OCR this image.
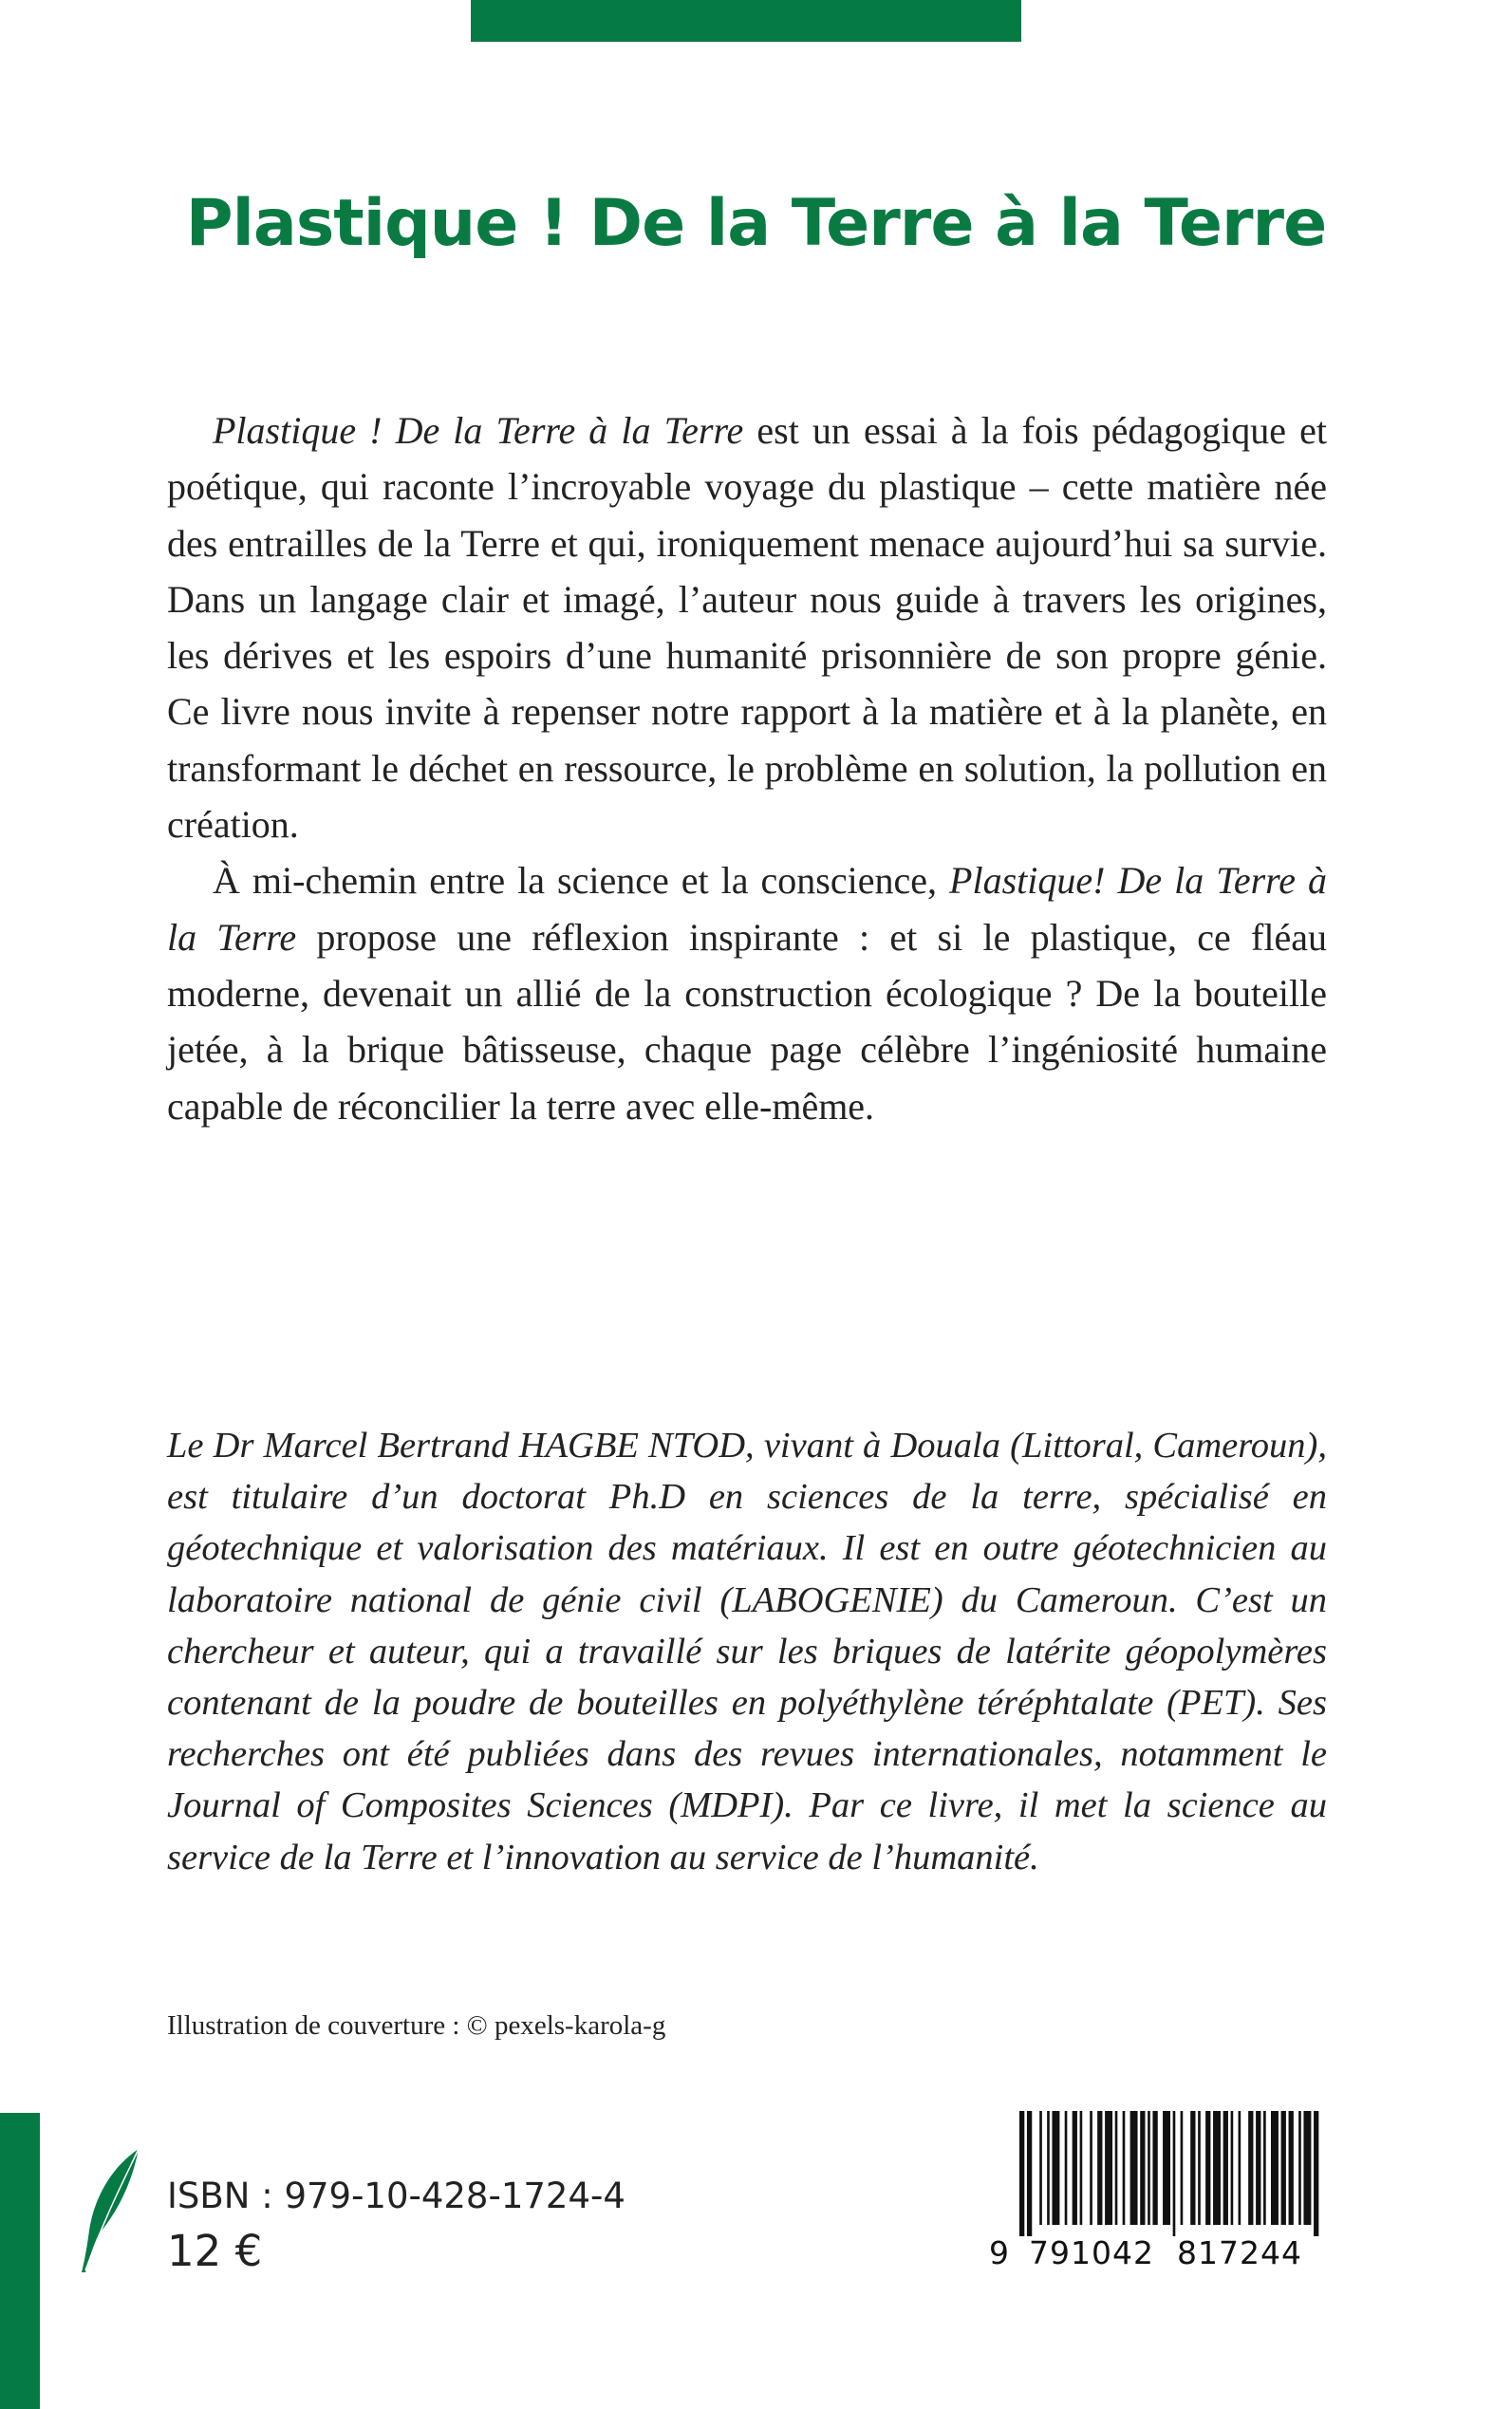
Plastique ! De la Terre à la Terre

Plastique ! De la Terre à la Terre est un essai à la fois pédagogique et poétique, qui raconte l’incroyable voyage du plastique – cette matière née des entrailles de la Terre et qui, ironiquement menace aujourd’hui sa survie. Dans un langage clair et imagé, l’auteur nous guide à travers les origines, les dérives et les espoirs d’une humanité prisonnière de son propre génie. Ce livre nous invite à repenser notre rapport à la matière et à la planète, en transformant le déchet en ressource, le problème en solution, la pollution en création.

À mi-chemin entre la science et la conscience, Plastique! De la Terre à la Terre propose une réflexion inspirante : et si le plastique, ce fléau moderne, devenait un allié de la construction écologique ? De la bouteille jetée, à la brique bâtisseuse, chaque page célèbre l’ingéniosité humaine capable de réconcilier la terre avec elle-même.

Le Dr Marcel Bertrand HAGBE NTOD, vivant à Douala (Littoral, Cameroun), est titulaire d’un doctorat Ph.D en sciences de la terre, spécialisé en géotechnique et valorisation des matériaux. Il est en outre géotechnicien au laboratoire national de génie civil (LABOGENIE) du Cameroun. C’est un chercheur et auteur, qui a travaillé sur les briques de latérite géopolymères contenant de la poudre de bouteilles en polyéthylène téréphtalate (PET). Ses recherches ont été publiées dans des revues internationales, notamment le Journal of Composites Sciences (MDPI). Par ce livre, il met la science au service de la Terre et l’innovation au service de l’humanité.

Illustration de couverture : © pexels-karola-g

ISBN : 979-10-428-1724-4

12 €	9 791042 817244
